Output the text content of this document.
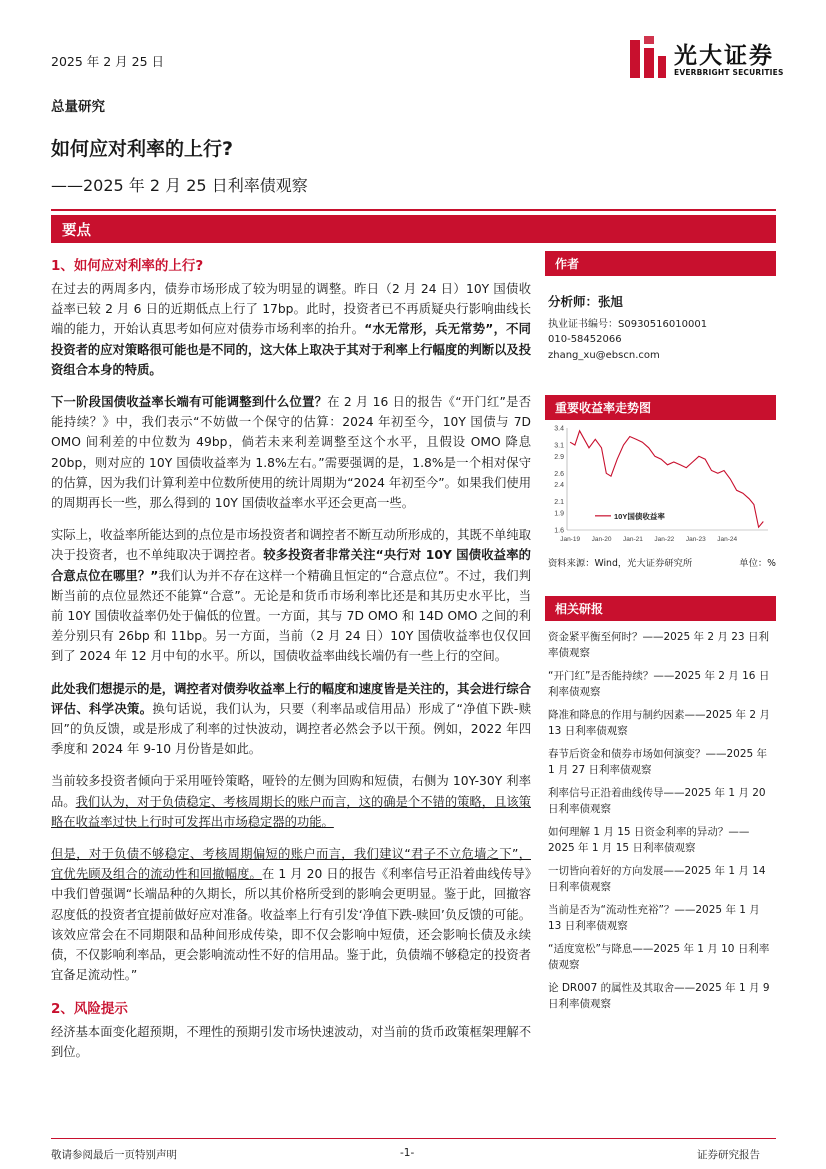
2025 年 2 月 25 日	光大证券
EVERBRIGHT SECURITIES
总量研究
如何应对利率的上行?
——2025 年 2 月 25 日利率债观察
要点
1、如何应对利率的上行?

在过去的两周多内，债券市场形成了较为明显的调整。昨日（2 月 24 日）10Y 国债收益率已较 2 月 6 日的近期低点上行了 17bp。此时，投资者已不再质疑央行影响曲线长端的能力，开始认真思考如何应对债券市场利率的抬升。“水无常形，兵无常势”，不同投资者的应对策略很可能也是不同的，这大体上取决于其对于利率上行幅度的判断以及投资组合本身的特质。

下一阶段国债收益率长端有可能调整到什么位置？在 2 月 16 日的报告《“开门红”是否能持续？》中，我们表示“不妨做一个保守的估算：2024 年初至今，10Y 国债与 7D OMO 间利差的中位数为 49bp，倘若未来利差调整至这个水平，且假设 OMO 降息 20bp，则对应的 10Y 国债收益率为 1.8%左右。”需要强调的是，1.8%是一个相对保守的估算，因为我们计算利差中位数所使用的统计周期为“2024 年初至今”。如果我们使用的周期再长一些，那么得到的 10Y 国债收益率水平还会更高一些。

实际上，收益率所能达到的点位是市场投资者和调控者不断互动所形成的，其既不单纯取决于投资者，也不单纯取决于调控者。较多投资者非常关注“央行对 10Y 国债收益率的合意点位在哪里？”我们认为并不存在这样一个精确且恒定的“合意点位”。不过，我们判断当前的点位显然还不能算“合意”。无论是和货币市场利率比还是和其历史水平比，当前 10Y 国债收益率仍处于偏低的位置。一方面，其与 7D OMO 和 14D OMO 之间的利差分别只有 26bp 和 11bp。另一方面，当前（2 月 24 日）10Y 国债收益率也仅仅回到了 2024 年 12 月中旬的水平。所以，国债收益率曲线长端仍有一些上行的空间。

此处我们想提示的是，调控者对债券收益率上行的幅度和速度皆是关注的，其会进行综合评估、科学决策。换句话说，我们认为，只要（利率品或信用品）形成了“净值下跌-赎回”的负反馈，或是形成了利率的过快波动，调控者必然会予以干预。例如，2022 年四季度和 2024 年 9-10 月份皆是如此。

当前较多投资者倾向于采用哑铃策略，哑铃的左侧为回购和短债，右侧为 10Y-30Y 利率品。我们认为，对于负债稳定、考核周期长的账户而言，这的确是个不错的策略，且该策略在收益率过快上行时可发挥出市场稳定器的功能。

但是，对于负债不够稳定、考核周期偏短的账户而言，我们建议“君子不立危墙之下”，宜优先顾及组合的流动性和回撤幅度。在 1 月 20 日的报告《利率信号正沿着曲线传导》中我们曾强调“长端品种的久期长，所以其价格所受到的影响会更明显。鉴于此，回撤容忍度低的投资者宜提前做好应对准备。收益率上行有引发‘净值下跌-赎回’负反馈的可能。该效应常会在不同期限和品种间形成传染，即不仅会影响中短债，还会影响长债及永续债，不仅影响利率品，更会影响流动性不好的信用品。鉴于此，负债端不够稳定的投资者宜备足流动性。”

2、风险提示

经济基本面变化超预期，不理性的预期引发市场快速波动，对当前的货币政策框架理解不到位。

作者
分析师：张旭
执业证书编号：S0930516010001
010-58452066
zhang_xu@ebscn.com
重要收益率走势图
3.4
3.1
2.9
2.6
2.4
2.1
1.9
1.6
Jan-19 Jan-20 Jan-21 Jan-22 Jan-23 Jan-24
10Y国债收益率
资料来源：Wind，光大证券研究所	单位：%
相关研报
资金紧平衡至何时？——2025 年 2 月 23 日利率债观察
“开门红”是否能持续？——2025 年 2 月 16 日利率债观察
降准和降息的作用与制约因素——2025 年 2 月 13 日利率债观察
春节后资金和债券市场如何演变？——2025 年 1 月 27 日利率债观察
利率信号正沿着曲线传导——2025 年 1 月 20 日利率债观察
如何理解 1 月 15 日资金利率的异动？——2025 年 1 月 15 日利率债观察
一切皆向着好的方向发展——2025 年 1 月 14 日利率债观察
当前是否为“流动性充裕”？——2025 年 1 月 13 日利率债观察
“适度宽松”与降息——2025 年 1 月 10 日利率债观察
论 DR007 的属性及其取舍——2025 年 1 月 9 日利率债观察
敬请参阅最后一页特别声明	-1-	证券研究报告
